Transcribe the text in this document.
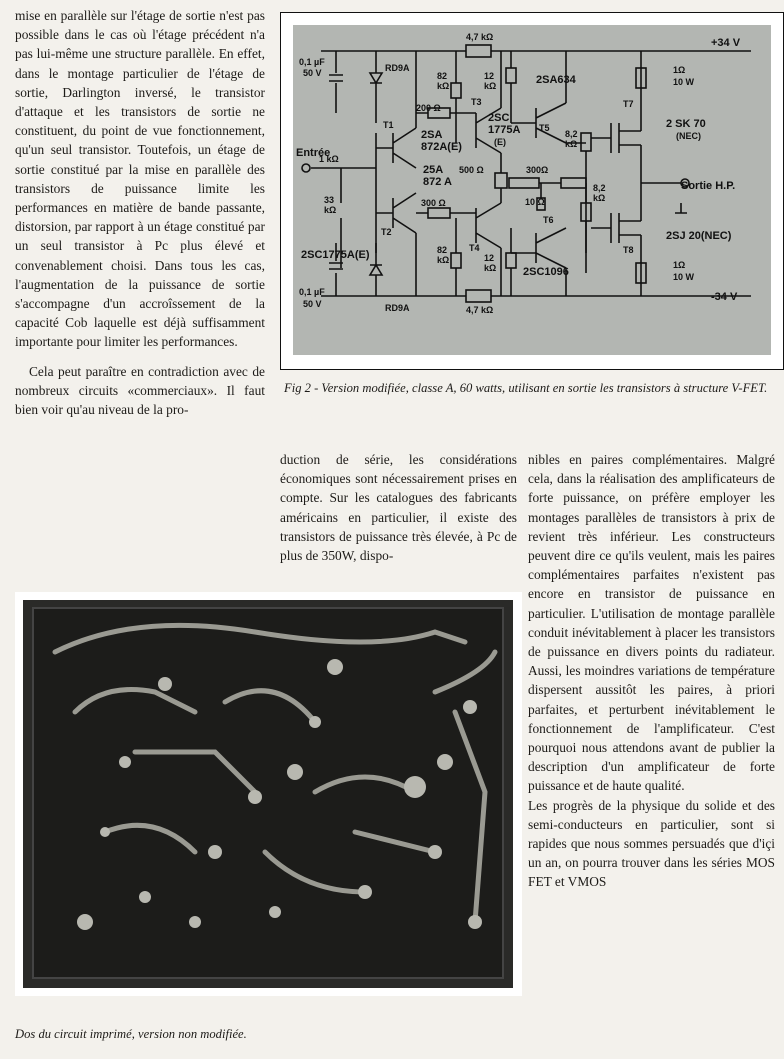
mise en parallèle sur l'étage de sortie n'est pas possible dans le cas où l'étage précédent n'a pas lui-même une structure parallèle. En effet, dans le montage particulier de l'étage de sortie, Darlington inversé, le transistor d'attaque et les transistors de sortie ne constituent, du point de vue fonctionnement, qu'un seul transistor. Toutefois, un étage de sortie constitué par la mise en parallèle des transistors de puissance limite les performances en matière de bande passante, distorsion, par rapport à un étage constitué par un seul transistor à Pc plus élevé et convenablement choisi. Dans tous les cas, l'augmentation de la puissance de sortie s'accompagne d'un accroîssement de la capacité Cob laquelle est déjà suffisamment importante pour limiter les performances.

Cela peut paraître en contradiction avec de nombreux circuits «commerciaux». Il faut bien voir qu'au niveau de la pro-

0,1 µF
50 V	RD9A
4,7 kΩ	+34 V
82
kΩ
12
kΩ
T3
2SA634
1Ω
10 W
T7
2 SK 70
(NEC)
200 Ω
T1
2SA
872A(E)
2SC
1775A
(E)
T5
8,2
kΩ
Entrée
1 kΩ
25A
872 A
500 Ω	300Ω
10 Ω
Sortie H.P.
33
kΩ
300 Ω
8,2
kΩ
T2
T4
T6
T8
2SC1775A(E)	82
kΩ	12
kΩ 2SC1096
2SJ 20(NEC)
1Ω
10 W
0,1 µF
50 V	RD9A	4,7 kΩ
-34 V
Fig 2 - Version modifiée, classe A, 60 watts, utilisant en sortie les transistors à structure V-FET.

duction de série, les considérations économiques sont nécessairement prises en compte. Sur les catalogues des fabricants américains en particulier, il existe des transistors de puissance très élevée, à Pc de plus de 350W, dispo-

nibles en paires complémentaires. Malgré cela, dans la réalisation des amplificateurs de forte puissance, on préfère employer les montages parallèles de transistors à prix de revient très inférieur. Les constructeurs peuvent dire ce qu'ils veulent, mais les paires complémentaires parfaites n'existent pas encore en transistor de puissance en particulier. L'utilisation de montage parallèle conduit inévitablement à placer les transistors de puissance en divers points du radiateur. Aussi, les moindres variations de température dispersent aussitôt les paires, à priori parfaites, et perturbent inévitablement le fonctionnement de l'amplificateur. C'est pourquoi nous attendons avant de publier la description d'un amplificateur de forte puissance et de haute qualité.

Les progrès de la physique du solide et des semi-conducteurs en particulier, sont si rapides que nous sommes persuadés que d'içi un an, on pourra trouver dans les séries MOS FET et VMOS

Dos du circuit imprimé, version non modifiée.
